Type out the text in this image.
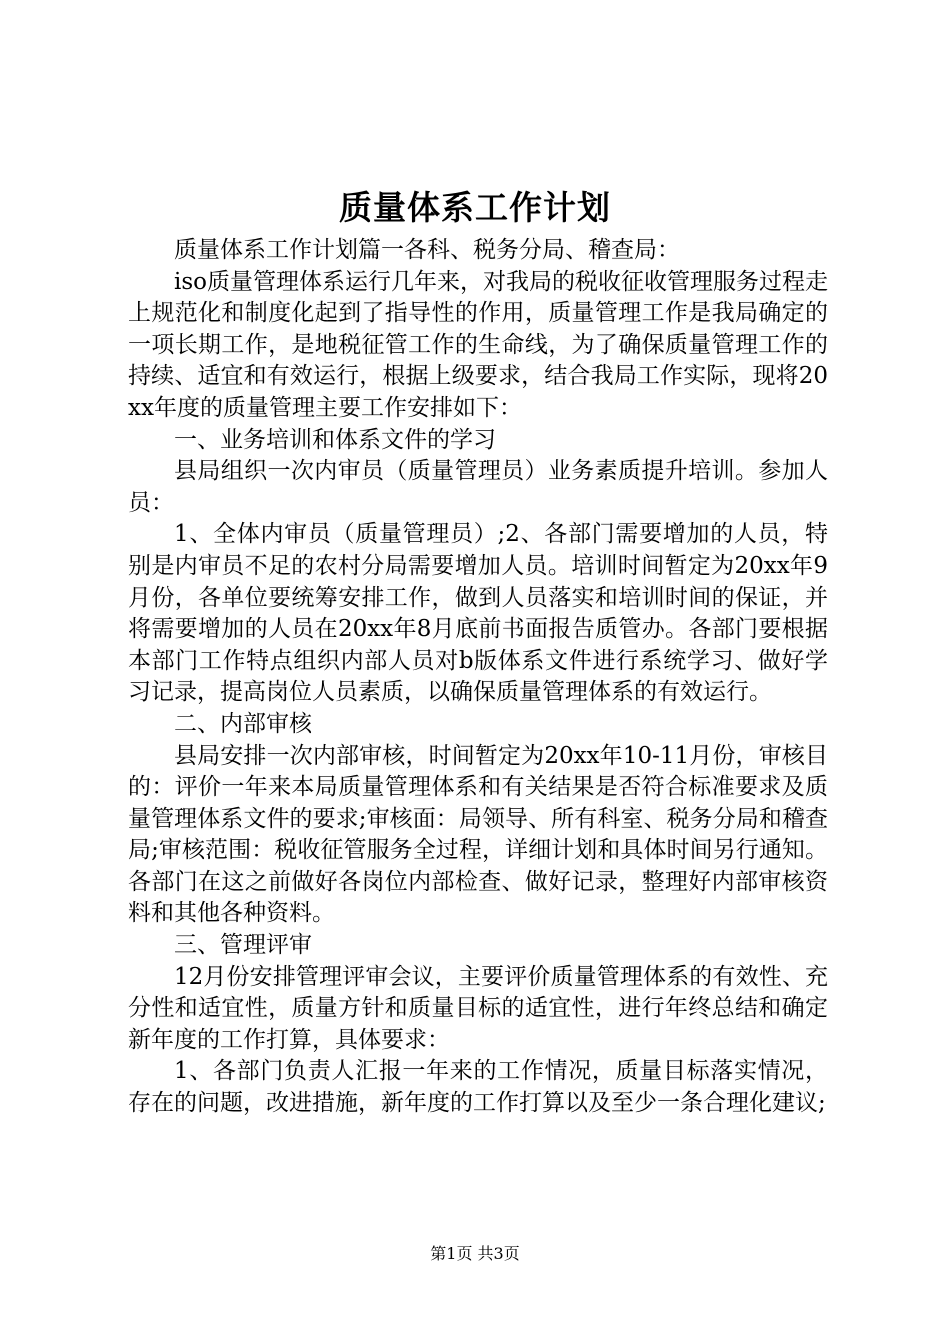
质量体系工作计划

质量体系工作计划篇一各科、税务分局、稽查局：

iso质量管理体系运行几年来，对我局的税收征收管理服务过程走上规范化和制度化起到了指导性的作用，质量管理工作是我局确定的一项长期工作，是地税征管工作的生命线，为了确保质量管理工作的持续、适宜和有效运行，根据上级要求，结合我局工作实际，现将20xx年度的质量管理主要工作安排如下：

一、业务培训和体系文件的学习

县局组织一次内审员（质量管理员）业务素质提升培训。参加人员：

1、全体内审员（质量管理员）;2、各部门需要增加的人员，特别是内审员不足的农村分局需要增加人员。培训时间暂定为20xx年9月份，各单位要统筹安排工作，做到人员落实和培训时间的保证，并将需要增加的人员在20xx年8月底前书面报告质管办。各部门要根据本部门工作特点组织内部人员对b版体系文件进行系统学习、做好学习记录，提高岗位人员素质，以确保质量管理体系的有效运行。

二、内部审核

县局安排一次内部审核，时间暂定为20xx年10-11月份，审核目的：评价一年来本局质量管理体系和有关结果是否符合标准要求及质量管理体系文件的要求;审核面：局领导、所有科室、税务分局和稽查局;审核范围：税收征管服务全过程，详细计划和具体时间另行通知。各部门在这之前做好各岗位内部检查、做好记录，整理好内部审核资料和其他各种资料。

三、管理评审

12月份安排管理评审会议，主要评价质量管理体系的有效性、充分性和适宜性，质量方针和质量目标的适宜性，进行年终总结和确定新年度的工作打算，具体要求：

1、各部门负责人汇报一年来的工作情况，质量目标落实情况，存在的问题，改进措施，新年度的工作打算以及至少一条合理化建议;

第1页 共3页
